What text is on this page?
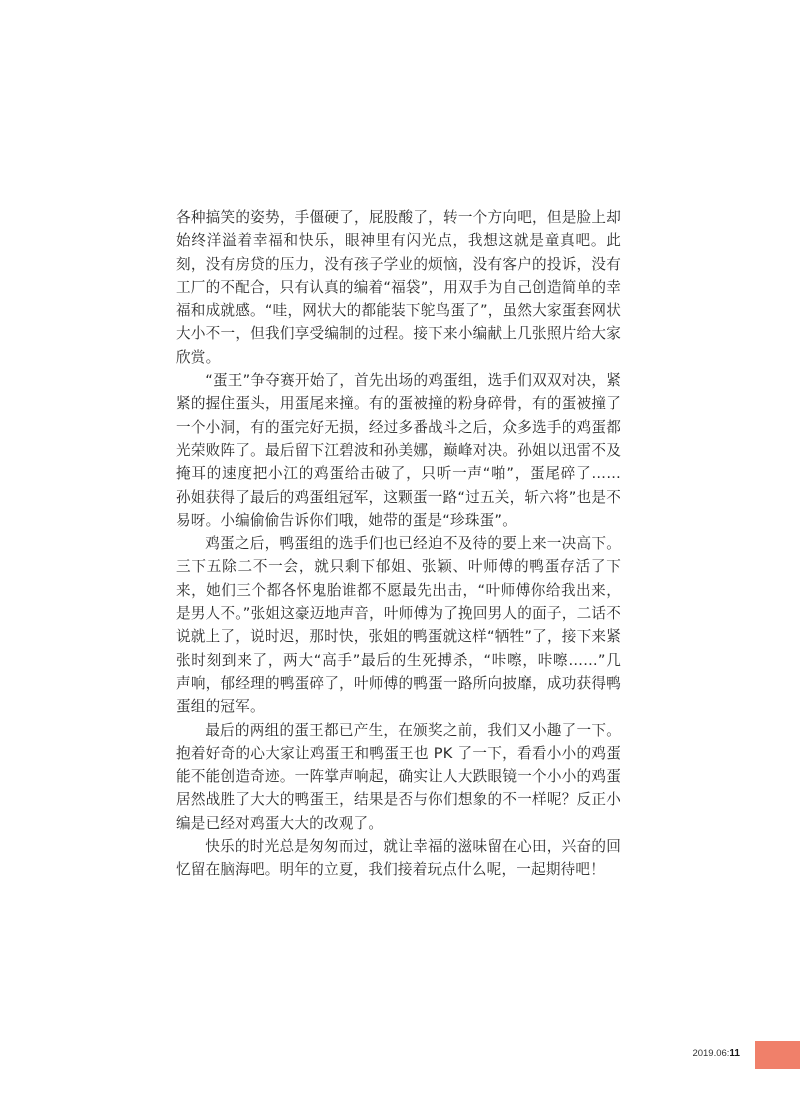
各种搞笑的姿势，手僵硬了，屁股酸了，转一个方向吧，但是脸上却始终洋溢着幸福和快乐，眼神里有闪光点，我想这就是童真吧。此刻，没有房贷的压力，没有孩子学业的烦恼，没有客户的投诉，没有工厂的不配合，只有认真的编着“福袋”，用双手为自己创造简单的幸福和成就感。“哇，网状大的都能装下鸵鸟蛋了”，虽然大家蛋套网状大小不一，但我们享受编制的过程。接下来小编献上几张照片给大家欣赏。

“蛋王”争夺赛开始了，首先出场的鸡蛋组，选手们双双对决，紧紧的握住蛋头，用蛋尾来撞。有的蛋被撞的粉身碎骨，有的蛋被撞了一个小洞，有的蛋完好无损，经过多番战斗之后，众多选手的鸡蛋都光荣败阵了。最后留下江碧波和孙美娜，巅峰对决。孙姐以迅雷不及掩耳的速度把小江的鸡蛋给击破了，只听一声“啪”，蛋尾碎了…… 孙姐获得了最后的鸡蛋组冠军，这颗蛋一路“过五关，斩六将”也是不易呀。小编偷偷告诉你们哦，她带的蛋是“珍珠蛋”。

鸡蛋之后，鸭蛋组的选手们也已经迫不及待的要上来一决高下。三下五除二不一会，就只剩下郁姐、张颖、叶师傅的鸭蛋存活了下来，她们三个都各怀鬼胎谁都不愿最先出击，“叶师傅你给我出来，是男人不。”张姐这豪迈地声音，叶师傅为了挽回男人的面子，二话不说就上了，说时迟，那时快，张姐的鸭蛋就这样“牺牲”了，接下来紧张时刻到来了，两大“高手”最后的生死搏杀，“咔嚓，咔嚓……”几声响，郁经理的鸭蛋碎了，叶师傅的鸭蛋一路所向披靡，成功获得鸭蛋组的冠军。

最后的两组的蛋王都已产生，在颁奖之前，我们又小趣了一下。抱着好奇的心大家让鸡蛋王和鸭蛋王也 PK 了一下，看看小小的鸡蛋能不能创造奇迹。一阵掌声响起，确实让人大跌眼镜一个小小的鸡蛋居然战胜了大大的鸭蛋王，结果是否与你们想象的不一样呢？反正小编是已经对鸡蛋大大的改观了。

快乐的时光总是匆匆而过，就让幸福的滋味留在心田，兴奋的回忆留在脑海吧。明年的立夏，我们接着玩点什么呢，一起期待吧！

2019.06:11
